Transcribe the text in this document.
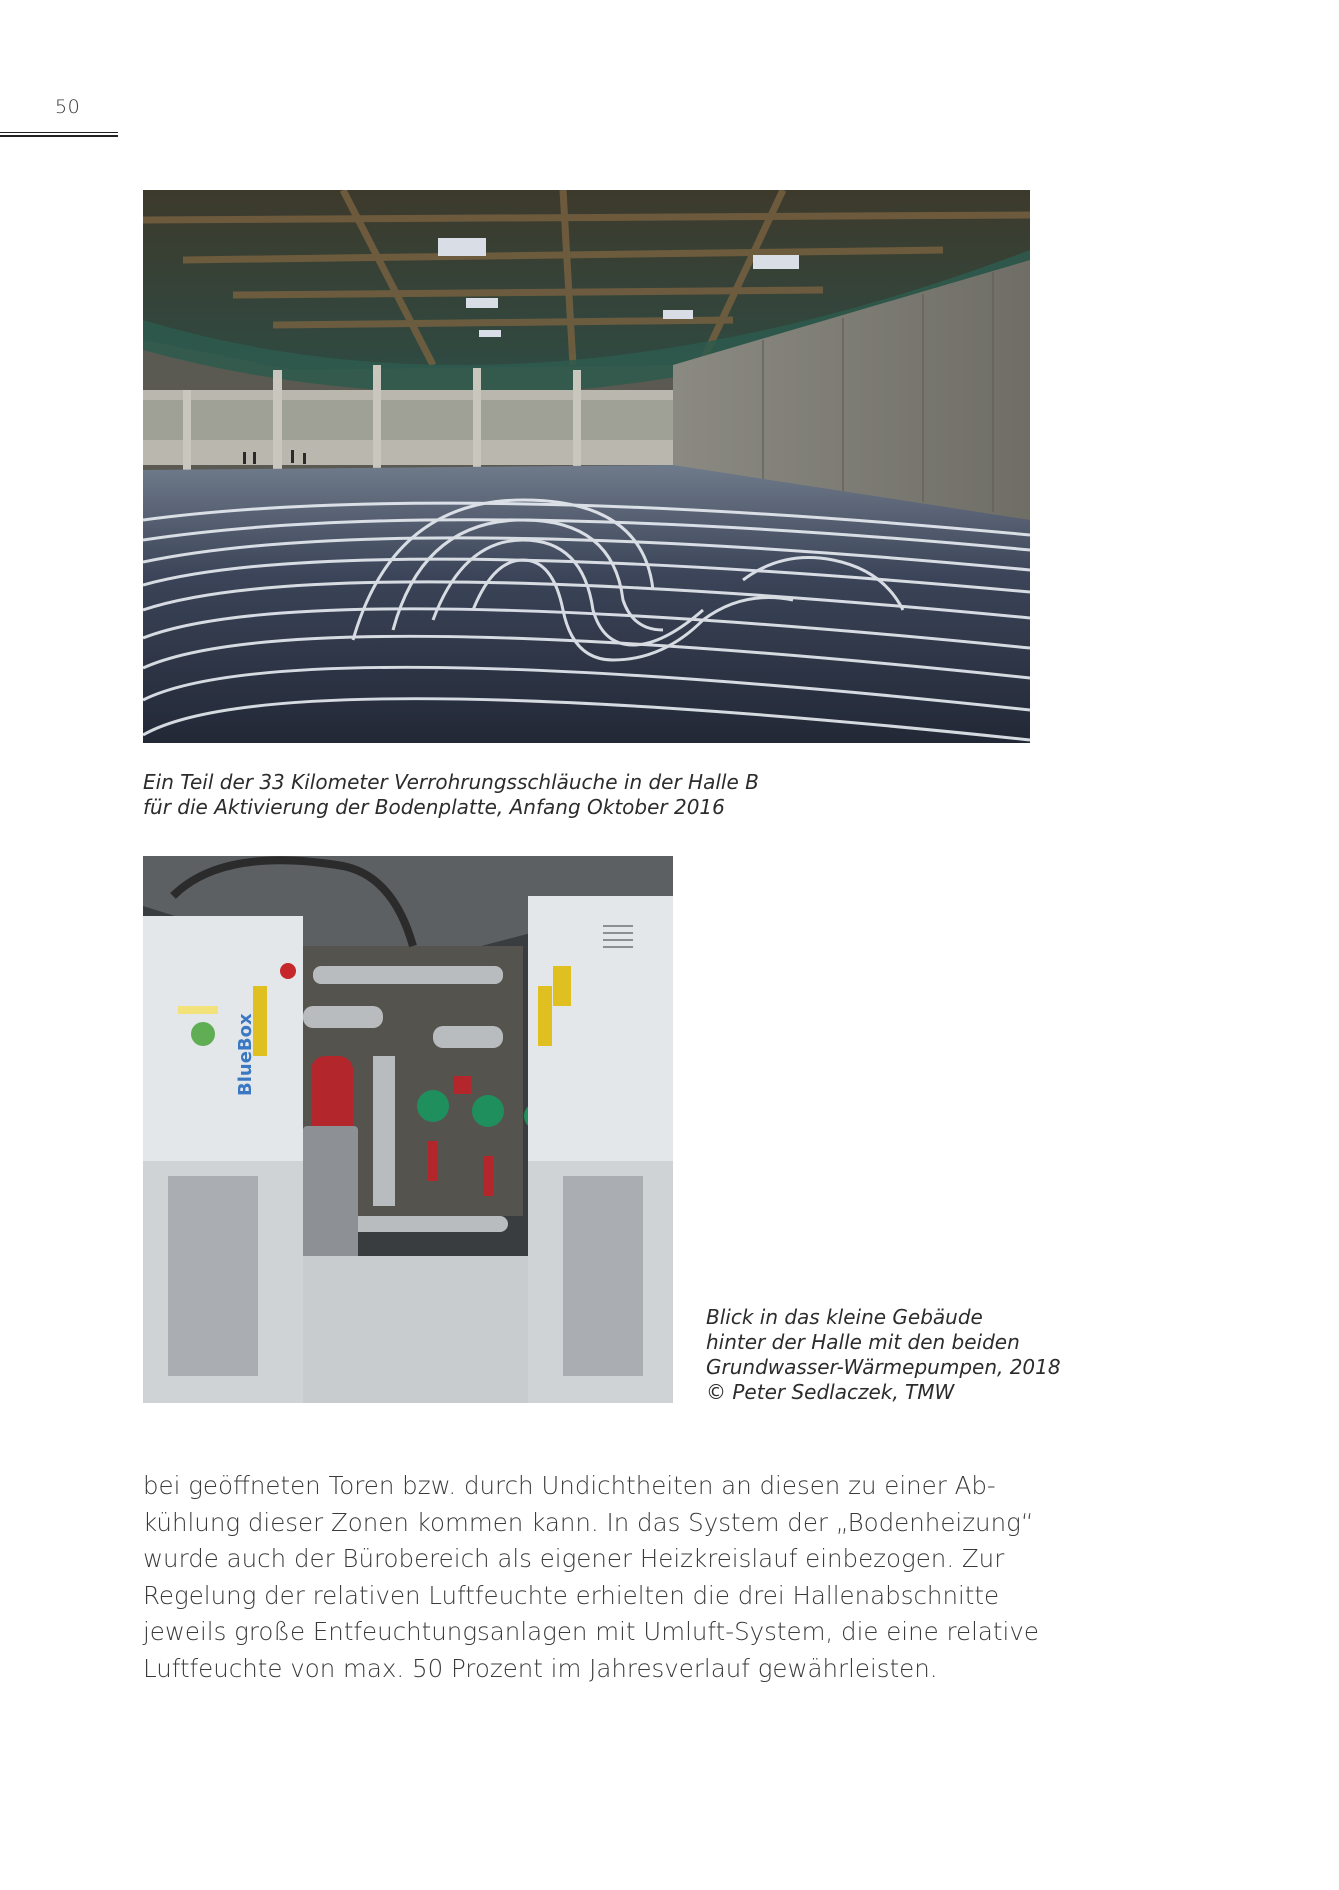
50
Ein Teil der 33 Kilometer Verrohrungsschläuche in der Halle B
für die Aktivierung der Bodenplatte, Anfang Oktober 2016
BlueBox
Blick in das kleine Gebäude
hinter der Halle mit den beiden
Grundwasser-Wärmepumpen, 2018
© Peter Sedlaczek, TMW
bei geöffneten Toren bzw. durch Undichtheiten an diesen zu einer Ab-
kühlung dieser Zonen kommen kann. In das System der „Bodenheizung“
wurde auch der Bürobereich als eigener Heizkreislauf einbezogen. Zur
Regelung der relativen Luftfeuchte erhielten die drei Hallenabschnitte
jeweils große Entfeuchtungsanlagen mit Umluft-System, die eine relative
Luftfeuchte von max. 50 Prozent im Jahresverlauf gewährleisten.
